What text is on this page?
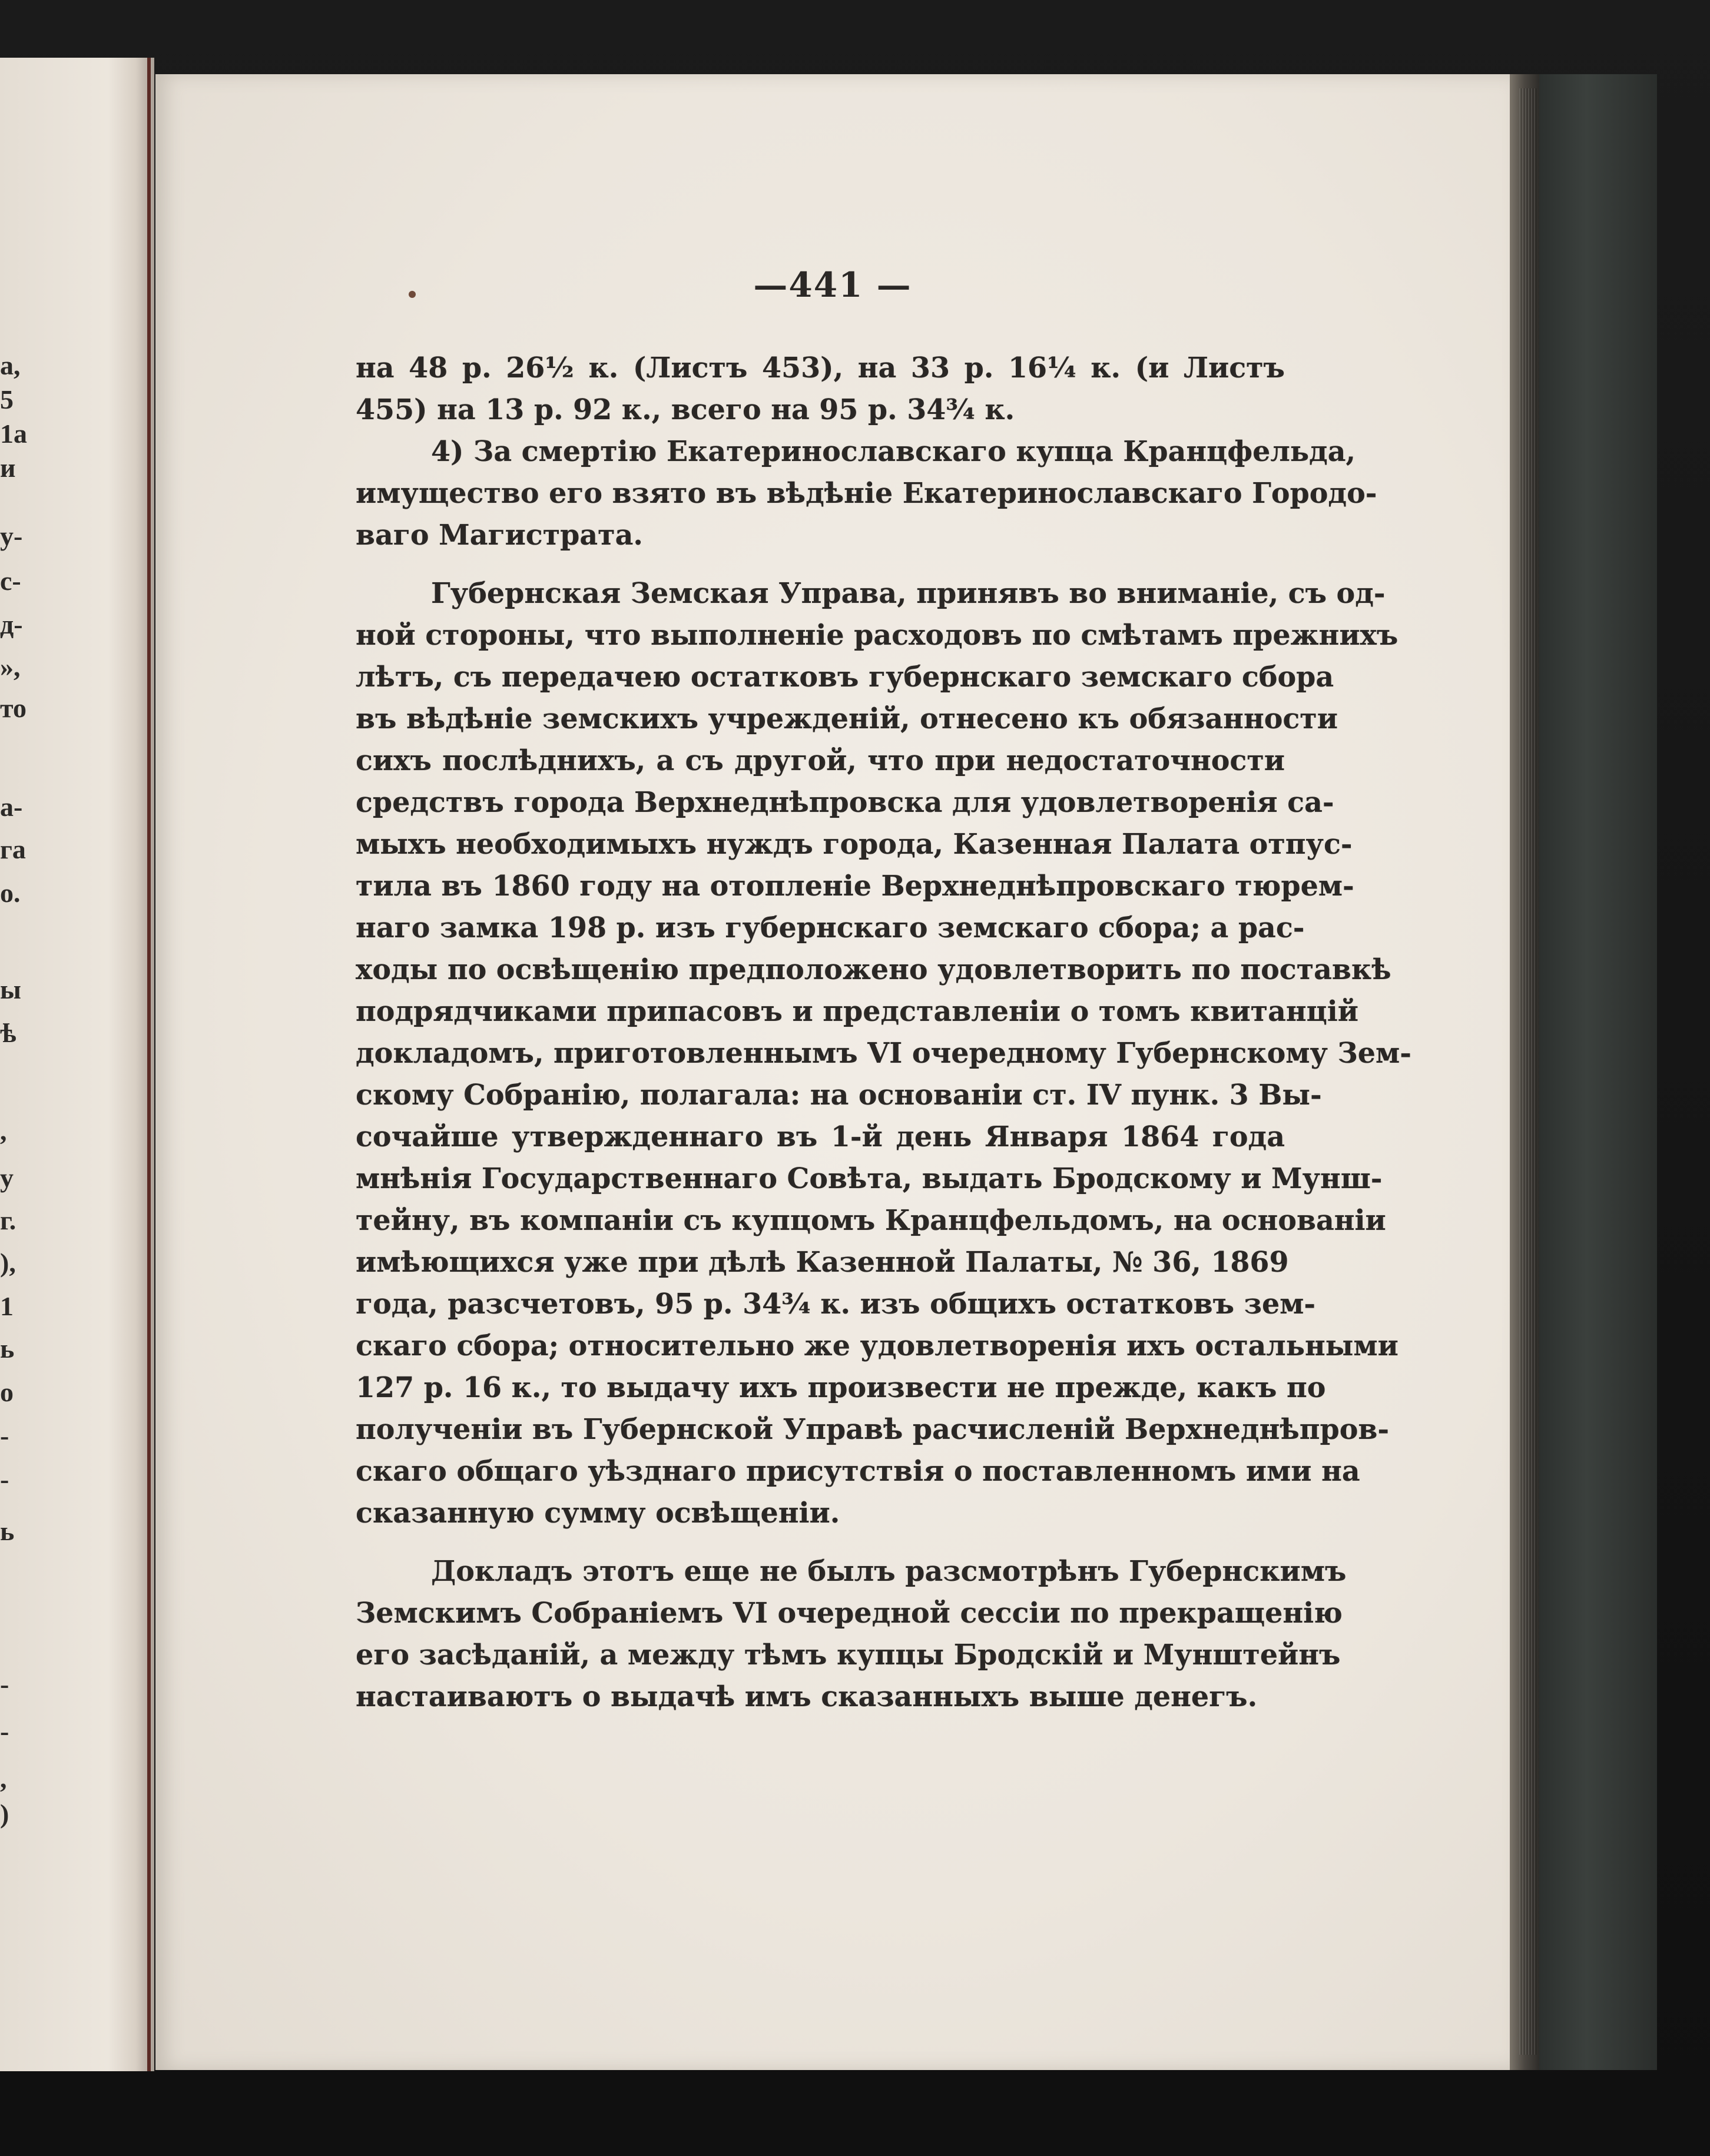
а,
5
1а
и
у-
с-
д-
»,
то
а-
га
о.
ы
ѣ
,
у
г.
),
1
ь
о
-
-
ь
-
-
,
)
—441 —
на 48 р. 26½ к. (Листъ 453), на 33 р. 16¼ к. (и Листъ
455) на 13 р. 92 к., всего на 95 р. 34¾ к.
4) За смертію Екатеринославскаго купца Кранцфельда,
имущество его взято въ вѣдѣніе Екатеринославскаго Городо-
ваго Магистрата.
Губернская Земская Управа, принявъ во вниманіе, съ од-
ной стороны, что выполненіе расходовъ по смѣтамъ прежнихъ
лѣтъ, съ передачею остатковъ губернскаго земскаго сбора
въ вѣдѣніе земскихъ учрежденій, отнесено къ обязанности
сихъ послѣднихъ, а съ другой, что при недостаточности
средствъ города Верхнеднѣпровска для удовлетворенія са-
мыхъ необходимыхъ нуждъ города, Казенная Палата отпус-
тила въ 1860 году на отопленіе Верхнеднѣпровскаго тюрем-
наго замка 198 р. изъ губернскаго земскаго сбора; а рас-
ходы по освѣщенію предположено удовлетворить по поставкѣ
подрядчиками припасовъ и представленіи о томъ квитанцій
докладомъ, приготовленнымъ VI очередному Губернскому Зем-
скому Собранію, полагала: на основаніи ст. IV пунк. 3 Вы-
сочайше утвержденнаго въ 1-й день Января 1864 года
мнѣнія Государственнаго Совѣта, выдать Бродскому и Мунш-
тейну, въ компаніи съ купцомъ Кранцфельдомъ, на основаніи
имѣющихся уже при дѣлѣ Казенной Палаты, № 36, 1869
года, разсчетовъ, 95 р. 34¾ к. изъ общихъ остатковъ зем-
скаго сбора; относительно же удовлетворенія ихъ остальными
127 р. 16 к., то выдачу ихъ произвести не прежде, какъ по
полученіи въ Губернской Управѣ расчисленій Верхнеднѣпров-
скаго общаго уѣзднаго присутствія о поставленномъ ими на
сказанную сумму освѣщеніи.
Докладъ этотъ еще не былъ разсмотрѣнъ Губернскимъ
Земскимъ Собраніемъ VI очередной сессіи по прекращенію
его засѣданій, а между тѣмъ купцы Бродскій и Мунштейнъ
настаиваютъ о выдачѣ имъ сказанныхъ выше денегъ.
